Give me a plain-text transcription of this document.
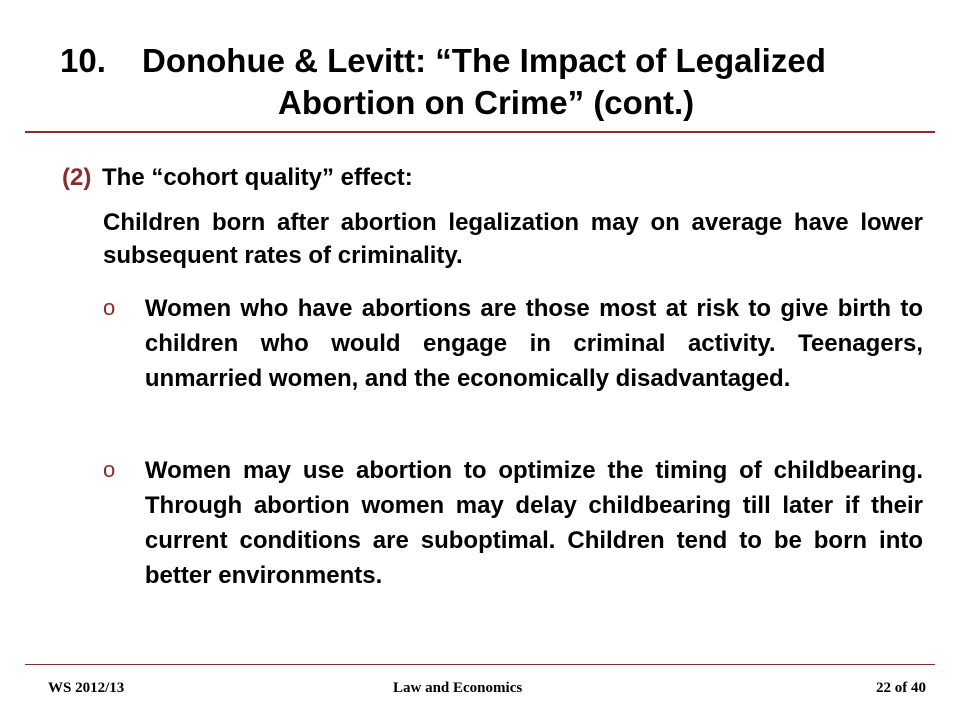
10.	Donohue & Levitt: “The Impact of Legalized
Abortion on Crime” (cont.)
(2) The “cohort quality” effect:
Children born after abortion legalization may on average have lower subsequent rates of criminality.
o	Women who have abortions are those most at risk to give birth to children who would engage in criminal activity. Teenagers, unmarried women, and the economically disadvantaged.
o	Women may use abortion to optimize the timing of childbearing. Through abortion women may delay childbearing till later if their current conditions are suboptimal. Children tend to be born into better environments.
WS 2012/13	Law and Economics	22 of 40
